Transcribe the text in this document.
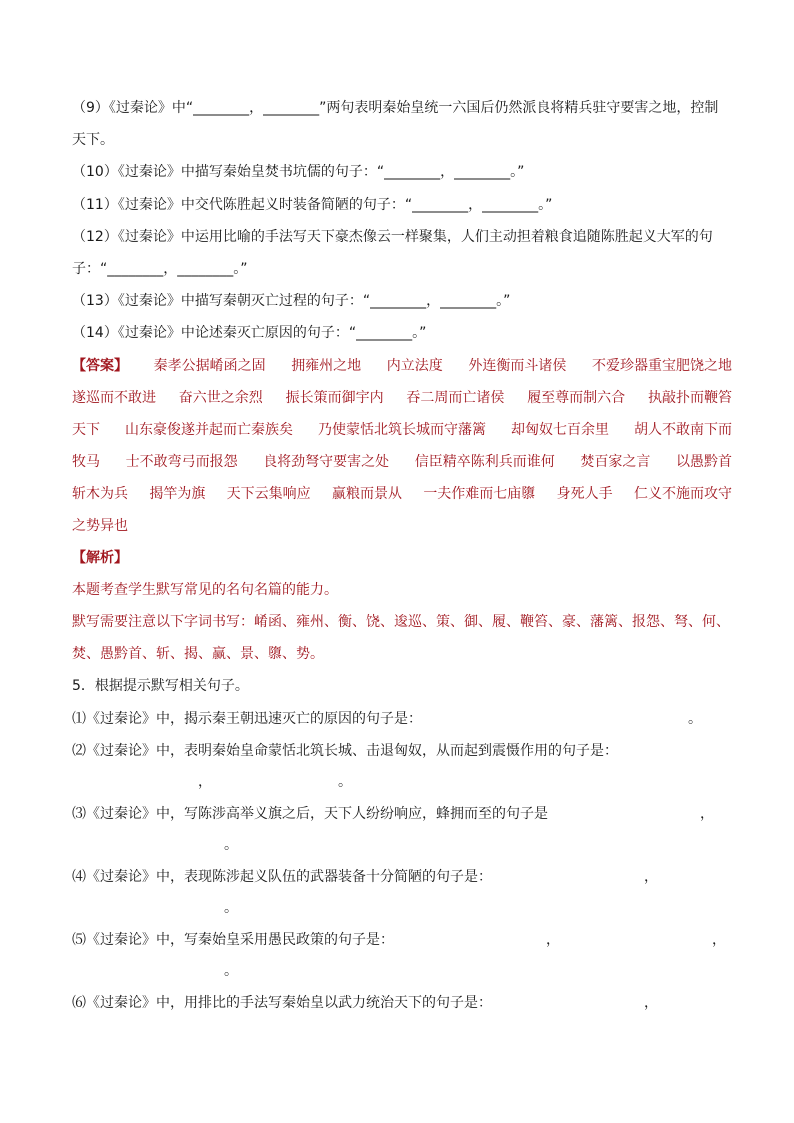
（9）《过秦论》中“________，________”两句表明秦始皇统一六国后仍然派良将精兵驻守要害之地，控制
天下。
（10）《过秦论》中描写秦始皇焚书坑儒的句子：“________，________。”
（11）《过秦论》中交代陈胜起义时装备简陋的句子：“________，________。”
（12）《过秦论》中运用比喻的手法写天下豪杰像云一样聚集，人们主动担着粮食追随陈胜起义大军的句
子：“________，________。”
（13）《过秦论》中描写秦朝灭亡过程的句子：“________，________。”
（14）《过秦论》中论述秦灭亡原因的句子：“________。”
【答案】 秦孝公据崤函之固 拥雍州之地 内立法度 外连衡而斗诸侯 不爱珍器重宝肥饶之地
遂巡而不敢进 奋六世之余烈 振长策而御宇内 吞二周而亡诸侯 履至尊而制六合 执敲扑而鞭笞
天下 山东豪俊遂并起而亡秦族矣 乃使蒙恬北筑长城而守藩篱 却匈奴七百余里 胡人不敢南下而
牧马 士不敢弯弓而报怨 良将劲弩守要害之处 信臣精卒陈利兵而谁何 焚百家之言 以愚黔首
斩木为兵 揭竿为旗 天下云集响应 赢粮而景从 一夫作难而七庙隳 身死人手 仁义不施而攻守
之势异也
【解析】
本题考查学生默写常见的名句名篇的能力。
默写需要注意以下字词书写：崤函、雍州、衡、饶、逡巡、策、御、履、鞭笞、豪、藩篱、报怨、弩、何、
焚、愚黔首、斩、揭、赢、景、隳、势。
5．根据提示默写相关句子。
⑴《过秦论》中，揭示秦王朝迅速灭亡的原因的句子是：	。
⑵《过秦论》中，表明秦始皇命蒙恬北筑长城、击退匈奴，从而起到震慑作用的句子是：
，	。
⑶《过秦论》中，写陈涉高举义旗之后，天下人纷纷响应，蜂拥而至的句子是	，
。
⑷《过秦论》中，表现陈涉起义队伍的武器装备十分简陋的句子是：	，
。
⑸《过秦论》中，写秦始皇采用愚民政策的句子是：	，	，
。
⑹《过秦论》中，用排比的手法写秦始皇以武力统治天下的句子是：	，
